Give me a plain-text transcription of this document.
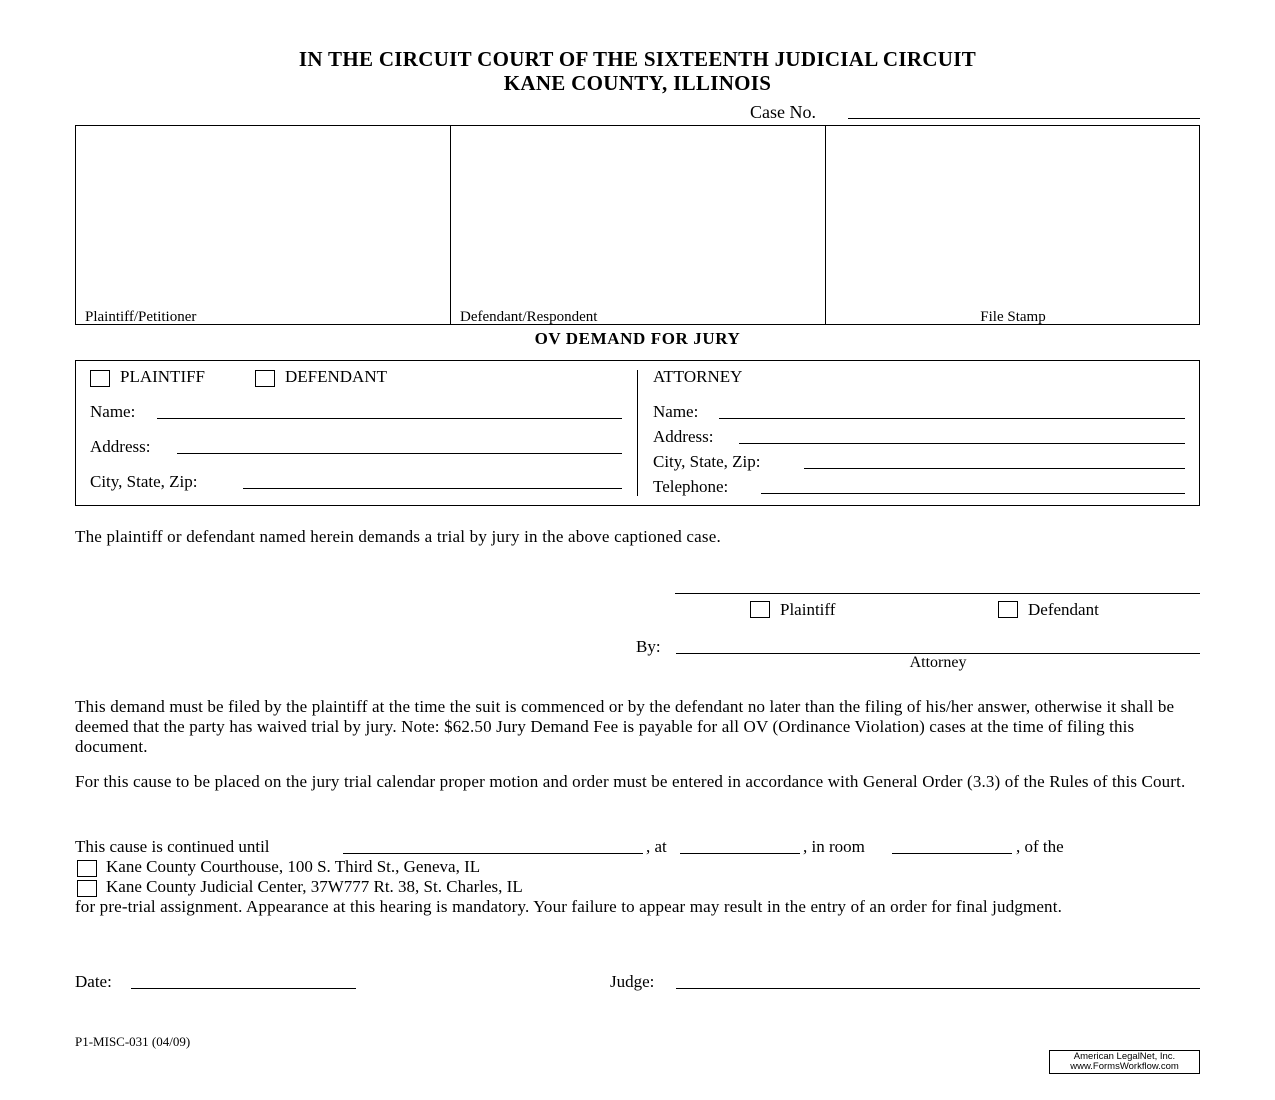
IN THE CIRCUIT COURT OF THE SIXTEENTH JUDICIAL CIRCUIT
KANE COUNTY, ILLINOIS
Case No.
Plaintiff/Petitioner	Defendant/Respondent	File Stamp
OV DEMAND FOR JURY
PLAINTIFF	DEFENDANT
Name:
Address:
City, State, Zip:
ATTORNEY
Name:
Address:
City, State, Zip:
Telephone:
The plaintiff or defendant named herein demands a trial by jury in the above captioned case.
Plaintiff	Defendant
By:
Attorney
This demand must be filed by the plaintiff at the time the suit is commenced or by the defendant no later than the filing of his/her answer, otherwise it shall be deemed that the party has waived trial by jury. Note: $62.50 Jury Demand Fee is payable for all OV (Ordinance Violation) cases at the time of filing this document.
For this cause to be placed on the jury trial calendar proper motion and order must be entered in accordance with General Order (3.3) of the Rules of this Court.
This cause is continued until	, at	, in room	, of the
Kane County Courthouse, 100 S. Third St., Geneva, IL
Kane County Judicial Center, 37W777 Rt. 38, St. Charles, IL
for pre-trial assignment. Appearance at this hearing is mandatory. Your failure to appear may result in the entry of an order for final judgment.
Date:	Judge:
P1-MISC-031 (04/09)
American LegalNet, Inc.
www.FormsWorkflow.com
